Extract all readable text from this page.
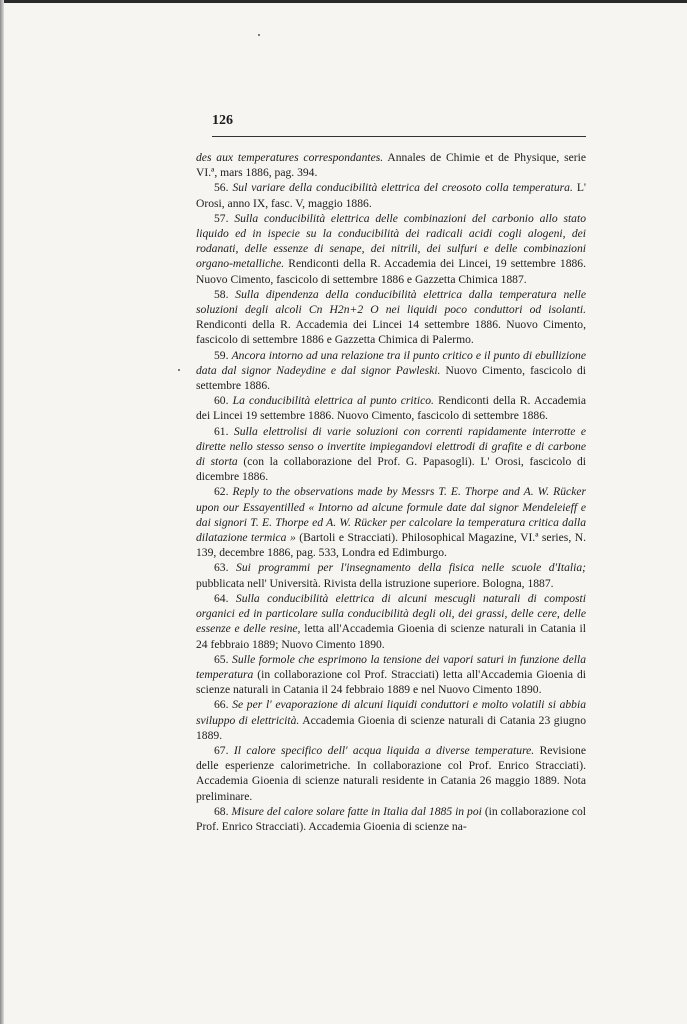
126

des aux temperatures correspondantes. Annales de Chimie et de Physique, serie VI.ª, mars 1886, pag. 394.

56. Sul variare della conducibilità elettrica del creosoto colla temperatura. L' Orosi, anno IX, fasc. V, maggio 1886.

57. Sulla conducibilità elettrica delle combinazioni del carbonio allo stato liquido ed in ispecie su la conducibilità dei radicali acidi cogli alogeni, dei rodanati, delle essenze di senape, dei nitrili, dei sulfuri e delle combinazioni organo-metalliche. Rendiconti della R. Accademia dei Lincei, 19 settembre 1886. Nuovo Cimento, fascicolo di settembre 1886 e Gazzetta Chimica 1887.

58. Sulla dipendenza della conducibilità elettrica dalla temperatura nelle soluzioni degli alcoli Cn H2n+2 O nei liquidi poco conduttori od isolanti. Rendiconti della R. Accademia dei Lincei 14 settembre 1886. Nuovo Cimento, fascicolo di settembre 1886 e Gazzetta Chimica di Palermo.

59. Ancora intorno ad una relazione tra il punto critico e il punto di ebullizione data dal signor Nadeydine e dal signor Pawleski. Nuovo Cimento, fascicolo di settembre 1886.

60. La conducibilità elettrica al punto critico. Rendiconti della R. Accademia dei Lincei 19 settembre 1886. Nuovo Cimento, fascicolo di settembre 1886.

61. Sulla elettrolisi di varie soluzioni con correnti rapidamente interrotte e dirette nello stesso senso o invertite impiegandovi elettrodi di grafite e di carbone di storta (con la collaborazione del Prof. G. Papasogli). L' Orosi, fascicolo di dicembre 1886.

62. Reply to the observations made by Messrs T. E. Thorpe and A. W. Rücker upon our Essayentilled « Intorno ad alcune formule date dal signor Mendeleieff e dai signori T. E. Thorpe ed A. W. Rücker per calcolare la temperatura critica dalla dilatazione termica » (Bartoli e Stracciati). Philosophical Magazine, VI.ª series, N. 139, decembre 1886, pag. 533, Londra ed Edimburgo.

63. Sui programmi per l'insegnamento della fisica nelle scuole d'Italia; pubblicata nell' Università. Rivista della istruzione superiore. Bologna, 1887.

64. Sulla conducibilità elettrica di alcuni mescugli naturali di composti organici ed in particolare sulla conducibilità degli oli, dei grassi, delle cere, delle essenze e delle resine, letta all'Accademia Gioenia di scienze naturali in Catania il 24 febbraio 1889; Nuovo Cimento 1890.

65. Sulle formole che esprimono la tensione dei vapori saturi in funzione della temperatura (in collaborazione col Prof. Stracciati) letta all'Accademia Gioenia di scienze naturali in Catania il 24 febbraio 1889 e nel Nuovo Cimento 1890.

66. Se per l' evaporazione di alcuni liquidi conduttori e molto volatili si abbia sviluppo di elettricità. Accademia Gioenia di scienze naturali di Catania 23 giugno 1889.

67. Il calore specifico dell' acqua liquida a diverse temperature. Revisione delle esperienze calorimetriche. In collaborazione col Prof. Enrico Stracciati). Accademia Gioenia di scienze naturali residente in Catania 26 maggio 1889. Nota preliminare.

68. Misure del calore solare fatte in Italia dal 1885 in poi (in collaborazione col Prof. Enrico Stracciati). Accademia Gioenia di scienze na-
